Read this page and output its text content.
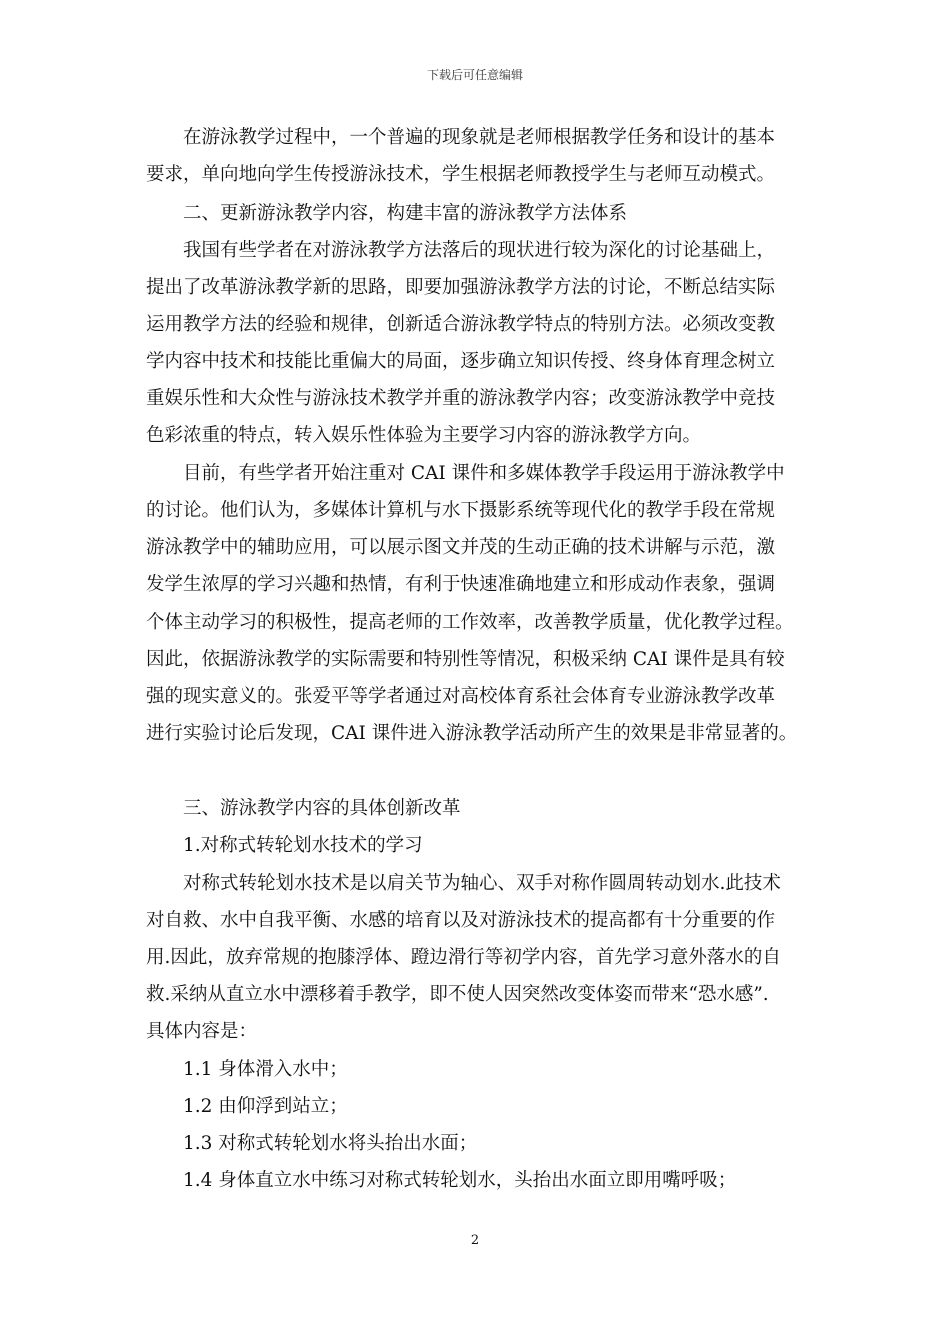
下载后可任意编辑
在游泳教学过程中，一个普遍的现象就是老师根据教学任务和设计的基本
要求，单向地向学生传授游泳技术，学生根据老师教授学生与老师互动模式。
二、更新游泳教学内容，构建丰富的游泳教学方法体系
我国有些学者在对游泳教学方法落后的现状进行较为深化的讨论基础上，
提出了改革游泳教学新的思路，即要加强游泳教学方法的讨论，不断总结实际
运用教学方法的经验和规律，创新适合游泳教学特点的特别方法。必须改变教
学内容中技术和技能比重偏大的局面，逐步确立知识传授、终身体育理念树立
重娱乐性和大众性与游泳技术教学并重的游泳教学内容；改变游泳教学中竞技
色彩浓重的特点，转入娱乐性体验为主要学习内容的游泳教学方向。
目前，有些学者开始注重对 CAI 课件和多媒体教学手段运用于游泳教学中
的讨论。他们认为，多媒体计算机与水下摄影系统等现代化的教学手段在常规
游泳教学中的辅助应用，可以展示图文并茂的生动正确的技术讲解与示范，激
发学生浓厚的学习兴趣和热情，有利于快速准确地建立和形成动作表象，强调
个体主动学习的积极性，提高老师的工作效率，改善教学质量，优化教学过程。
因此，依据游泳教学的实际需要和特别性等情况，积极采纳 CAI 课件是具有较
强的现实意义的。张爱平等学者通过对高校体育系社会体育专业游泳教学改革
进行实验讨论后发现，CAI 课件进入游泳教学活动所产生的效果是非常显著的。
三、游泳教学内容的具体创新改革
1.对称式转轮划水技术的学习
对称式转轮划水技术是以肩关节为轴心、双手对称作圆周转动划水.此技术
对自救、水中自我平衡、水感的培育以及对游泳技术的提高都有十分重要的作
用.因此，放弃常规的抱膝浮体、蹬边滑行等初学内容，首先学习意外落水的自
救.采纳从直立水中漂移着手教学，即不使人因突然改变体姿而带来“恐水感”.
具体内容是：
1.1 身体滑入水中；
1.2 由仰浮到站立；
1.3 对称式转轮划水将头抬出水面；
1.4 身体直立水中练习对称式转轮划水，头抬出水面立即用嘴呼吸；
2
